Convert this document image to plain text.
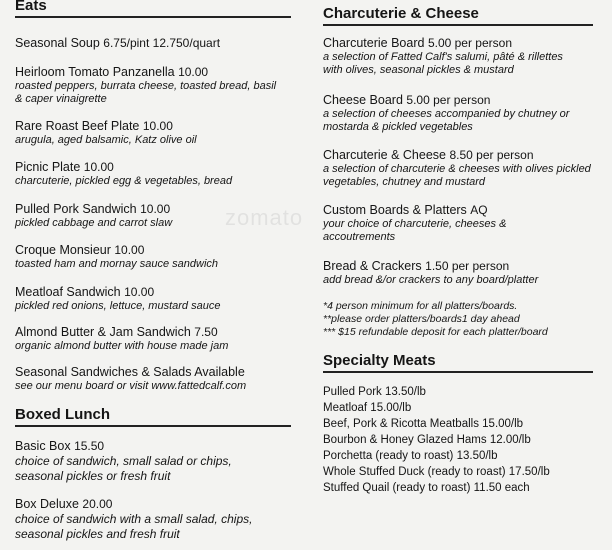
zomato
Eats
Seasonal Soup 6.75/pint 12.750/quart
Heirloom Tomato Panzanella 10.00
roasted peppers, burrata cheese, toasted bread, basil & caper vinaigrette
Rare Roast Beef Plate 10.00
arugula, aged balsamic, Katz olive oil
Picnic Plate 10.00
charcuterie, pickled egg & vegetables, bread
Pulled Pork Sandwich 10.00
pickled cabbage and carrot slaw
Croque Monsieur 10.00
toasted ham and mornay sauce sandwich
Meatloaf Sandwich 10.00
pickled red onions, lettuce, mustard sauce
Almond Butter & Jam Sandwich 7.50
organic almond butter with house made jam
Seasonal Sandwiches & Salads Available
see our menu board or visit www.fattedcalf.com
Boxed Lunch
Basic Box 15.50
choice of sandwich, small salad or chips, seasonal pickles or fresh fruit
Box Deluxe 20.00
choice of sandwich with a small salad, chips, seasonal pickles and fresh fruit
Charcuterie & Cheese
Charcuterie Board 5.00 per person
a selection of Fatted Calf's salumi, pâté & rillettes with olives, seasonal pickles & mustard
Cheese Board 5.00 per person
a selection of cheeses accompanied by chutney or mostarda & pickled vegetables
Charcuterie & Cheese 8.50 per person
a selection of charcuterie & cheeses with olives pickled vegetables, chutney and mustard
Custom Boards & Platters AQ
your choice of charcuterie, cheeses & accoutrements
Bread & Crackers 1.50 per person
add bread &/or crackers to any board/platter
*4 person minimum for all platters/boards.
**please order platters/boards1 day ahead
*** $15 refundable deposit for each platter/board
Specialty Meats
Pulled Pork 13.50/lb
Meatloaf 15.00/lb
Beef, Pork & Ricotta Meatballs 15.00/lb
Bourbon & Honey Glazed Hams 12.00/lb
Porchetta (ready to roast) 13.50/lb
Whole Stuffed Duck (ready to roast) 17.50/lb
Stuffed Quail (ready to roast) 11.50 each
